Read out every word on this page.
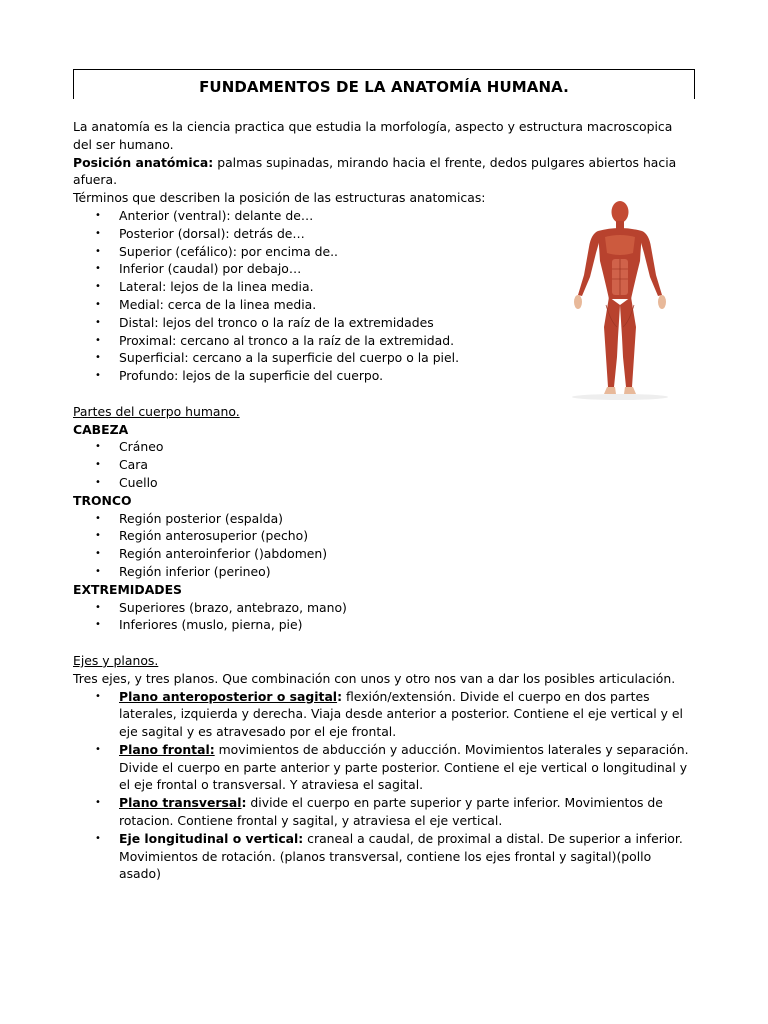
FUNDAMENTOS DE LA ANATOMÍA HUMANA.

La anatomía es la ciencia practica que estudia la morfología, aspecto y estructura macroscopica del ser humano.

Posición anatómica: palmas supinadas, mirando hacia el frente, dedos pulgares abiertos hacia afuera.

Términos que describen la posición de las estructuras anatomicas:

• Anterior (ventral): delante de…
• Posterior (dorsal): detrás de…
• Superior (cefálico): por encima de..
• Inferior (caudal) por debajo…
• Lateral: lejos de la linea media.
• Medial: cerca de la linea media.
• Distal: lejos del tronco o la raíz de la extremidades
• Proximal: cercano al tronco a la raíz de la extremidad.
• Superficial: cercano a la superficie del cuerpo o la piel.
• Profundo: lejos de la superficie del cuerpo.

Partes del cuerpo humano.

CABEZA

• Cráneo
• Cara
• Cuello

TRONCO

• Región posterior (espalda)
• Región anterosuperior (pecho)
• Región anteroinferior ()abdomen)
• Región inferior (perineo)

EXTREMIDADES

• Superiores (brazo, antebrazo, mano)
• Inferiores (muslo, pierna, pie)

Ejes y planos.

Tres ejes, y tres planos. Que combinación con unos y otro nos van a dar los posibles articulación.

• Plano anteroposterior o sagital: flexión/extensión. Divide el cuerpo en dos partes laterales, izquierda y derecha. Viaja desde anterior a posterior. Contiene el eje vertical y el eje sagital y es atravesado por el eje frontal.
• Plano frontal: movimientos de abducción y aducción. Movimientos laterales y separación. Divide el cuerpo en parte anterior y parte posterior. Contiene el eje vertical o longitudinal y el eje frontal o transversal. Y atraviesa el sagital.
• Plano transversal: divide el cuerpo en parte superior y parte inferior. Movimientos de rotacion. Contiene frontal y sagital, y atraviesa el eje vertical.
• Eje longitudinal o vertical: craneal a caudal, de proximal a distal. De superior a inferior. Movimientos de rotación. (planos transversal, contiene los ejes frontal y sagital)(pollo asado)
